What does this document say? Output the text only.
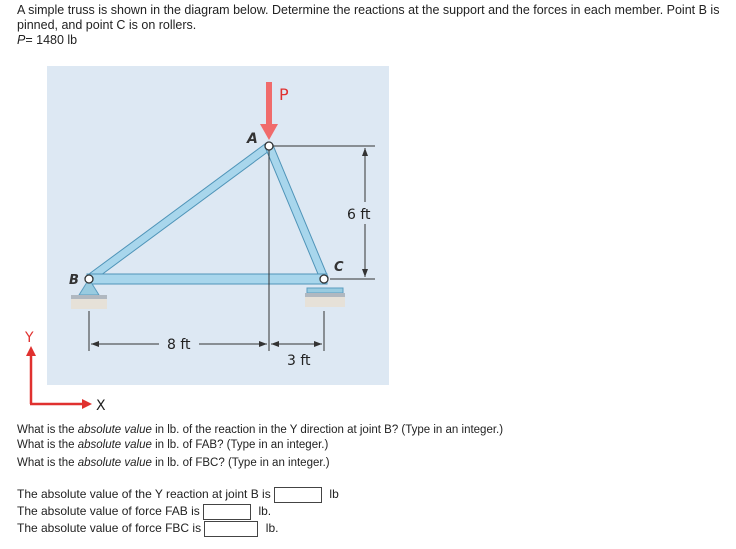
A simple truss is shown in the diagram below. Determine the reactions at the support and the forces in each member. Point B is
pinned, and point C is on rollers.
P= 1480 lb
P
A
B
C
6 ft
8 ft
3 ft
Y
X
What is the absolute value in lb. of the reaction in the Y direction at joint B? (Type in an integer.)
What is the absolute value in lb. of FAB? (Type in an integer.)
What is the absolute value in lb. of FBC? (Type in an integer.)
The absolute value of the Y reaction at joint B is	lb
The absolute value of force FAB is	lb.
The absolute value of force FBC is	lb.
